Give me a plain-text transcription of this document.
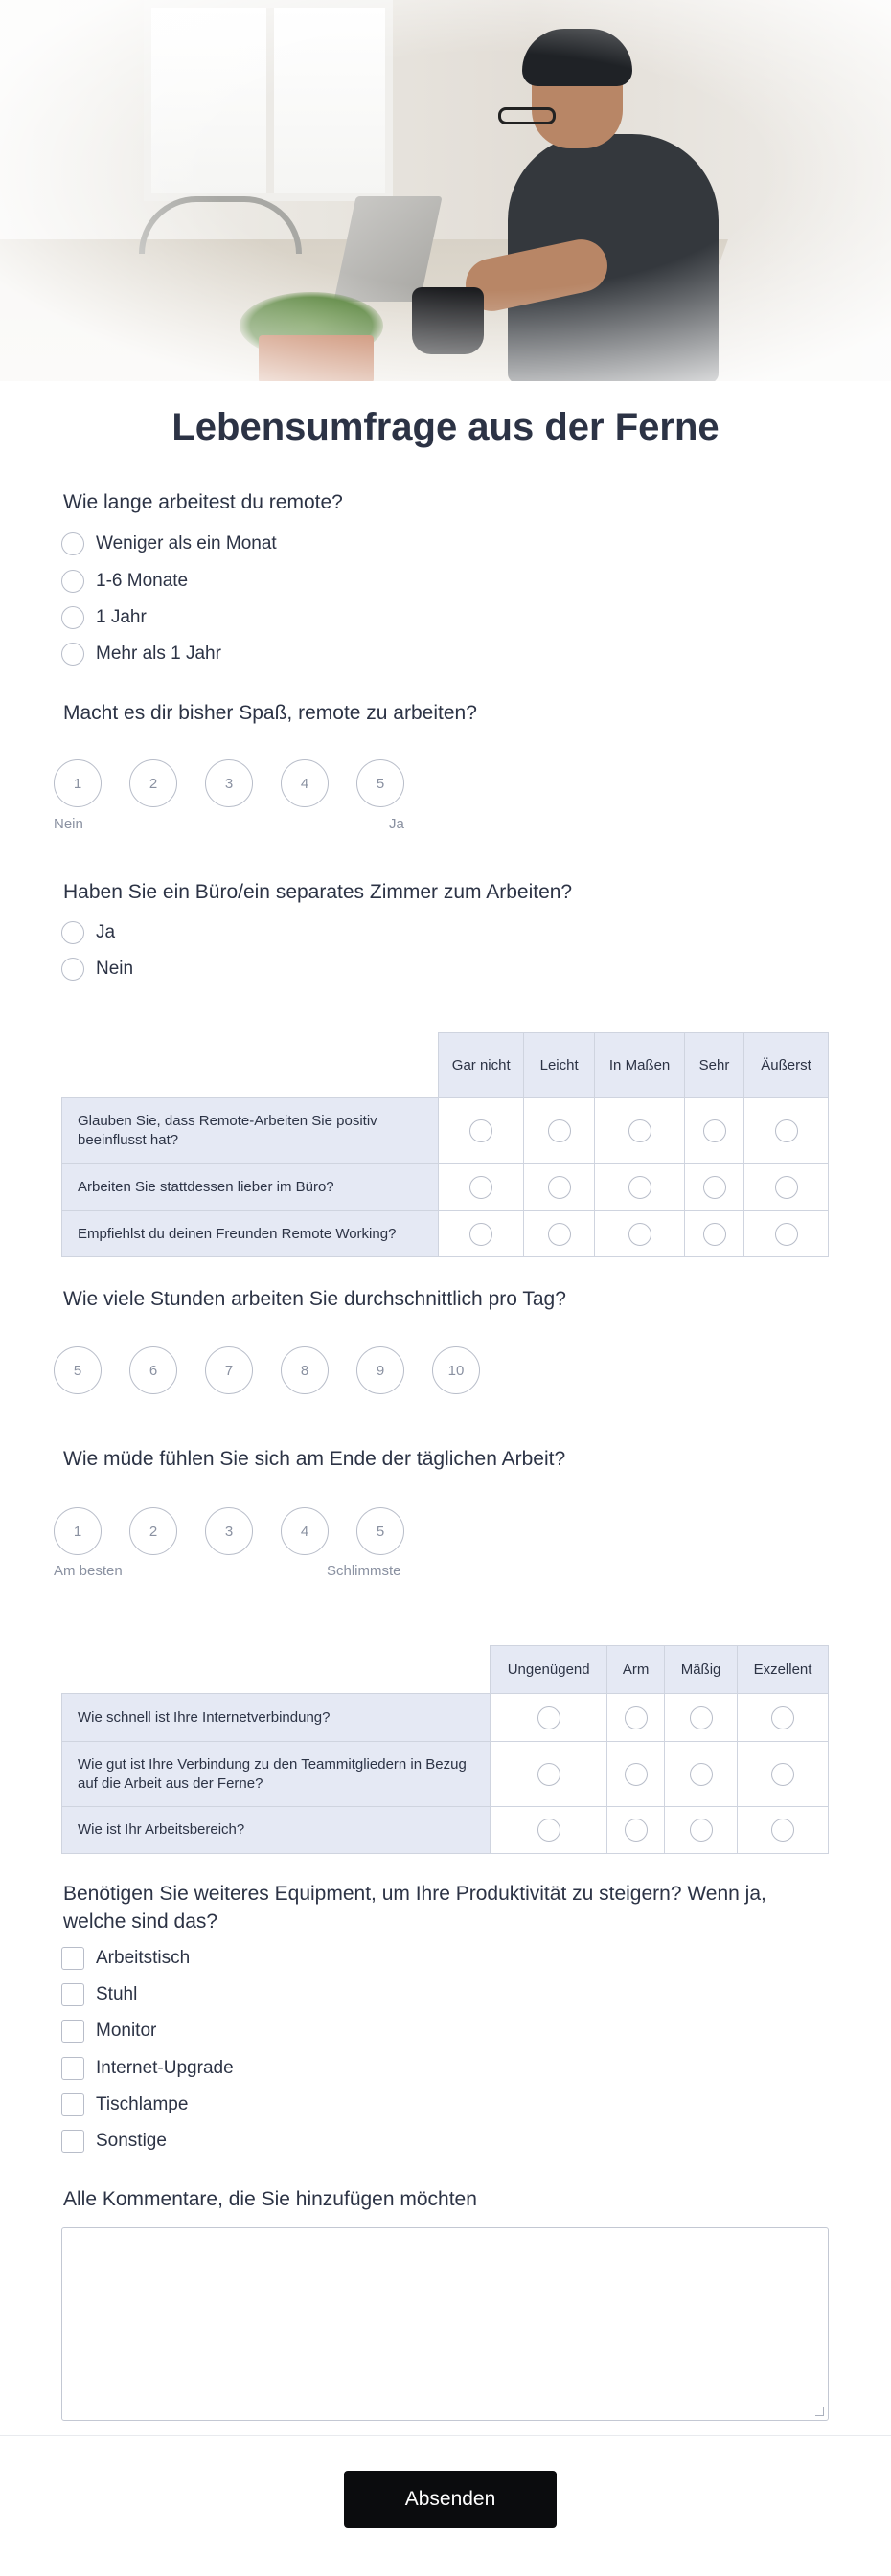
Lebensumfrage aus der Ferne
Wie lange arbeitest du remote?
Weniger als ein Monat
1-6 Monate
1 Jahr
Mehr als 1 Jahr
Macht es dir bisher Spaß, remote zu arbeiten?
1	2	3	4	5
Nein	Ja
Haben Sie ein Büro/ein separates Zimmer zum Arbeiten?
Ja
Nein
	Gar nicht	Leicht	In Maßen	Sehr	Äußerst
Glauben Sie, dass Remote-Arbeiten Sie positiv beeinflusst hat?					
Arbeiten Sie stattdessen lieber im Büro?					
Empfiehlst du deinen Freunden Remote Working?					
Wie viele Stunden arbeiten Sie durchschnittlich pro Tag?
5	6	7	8	9	10
Wie müde fühlen Sie sich am Ende der täglichen Arbeit?
1	2	3	4	5
Am besten	Schlimmste
	Ungenügend	Arm	Mäßig	Exzellent
Wie schnell ist Ihre Internetverbindung?				
Wie gut ist Ihre Verbindung zu den Teammitgliedern in Bezug auf die Arbeit aus der Ferne?				
Wie ist Ihr Arbeitsbereich?				
Benötigen Sie weiteres Equipment, um Ihre Produktivität zu steigern? Wenn ja, welche sind das?
Arbeitstisch
Stuhl
Monitor
Internet-Upgrade
Tischlampe
Sonstige
Alle Kommentare, die Sie hinzufügen möchten
Absenden
